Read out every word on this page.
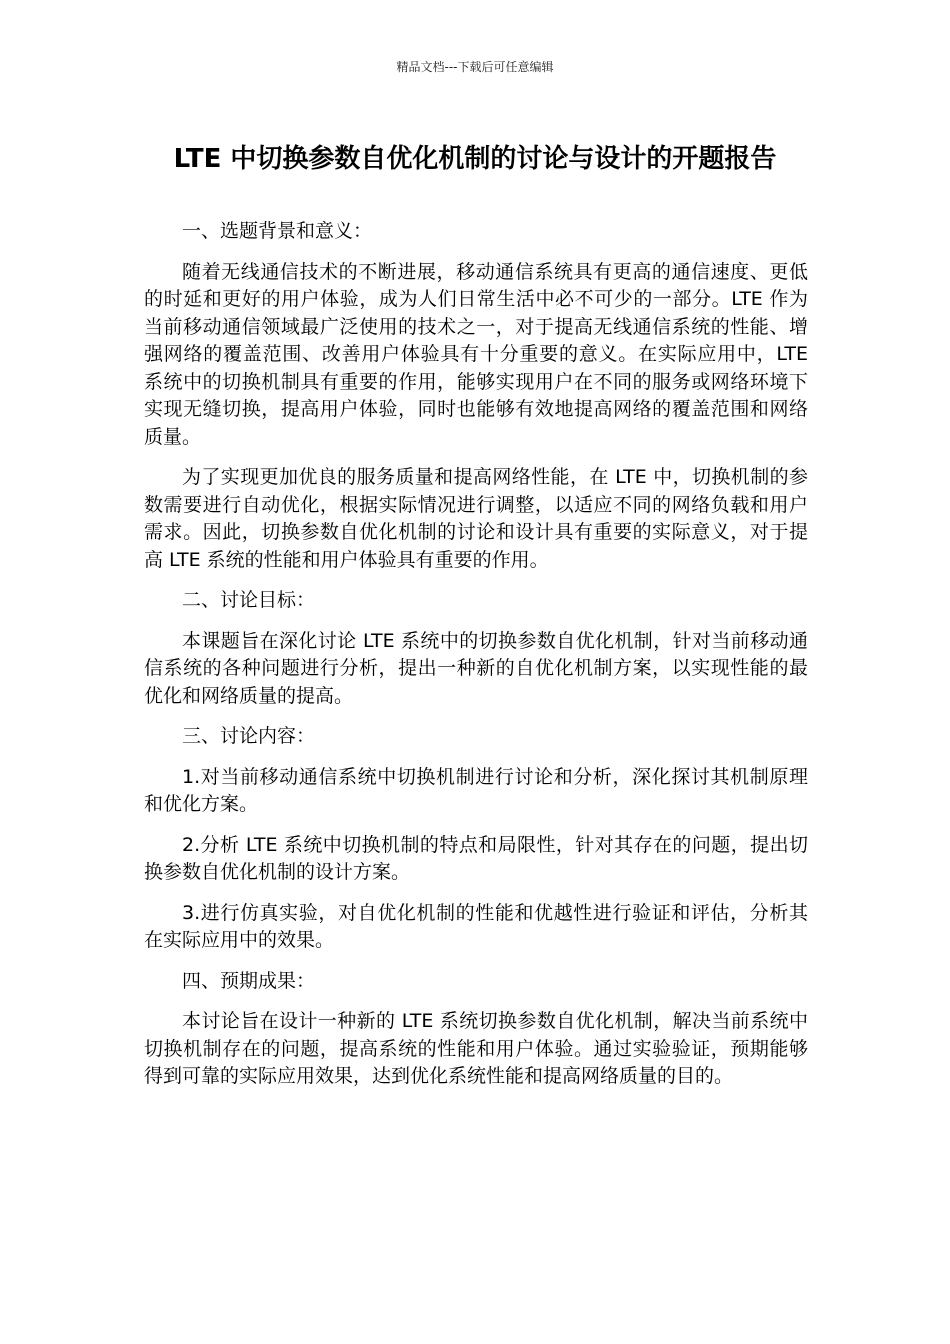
精品文档---下载后可任意编辑
LTE 中切换参数自优化机制的讨论与设计的开题报告

一、选题背景和意义：

随着无线通信技术的不断进展，移动通信系统具有更高的通信速度、更低的时延和更好的用户体验，成为人们日常生活中必不可少的一部分。LTE 作为当前移动通信领域最广泛使用的技术之一，对于提高无线通信系统的性能、增强网络的覆盖范围、改善用户体验具有十分重要的意义。在实际应用中，LTE 系统中的切换机制具有重要的作用，能够实现用户在不同的服务或网络环境下实现无缝切换，提高用户体验，同时也能够有效地提高网络的覆盖范围和网络质量。

为了实现更加优良的服务质量和提高网络性能，在 LTE 中，切换机制的参数需要进行自动优化，根据实际情况进行调整，以适应不同的网络负载和用户需求。因此，切换参数自优化机制的讨论和设计具有重要的实际意义，对于提高 LTE 系统的性能和用户体验具有重要的作用。

二、讨论目标：

本课题旨在深化讨论 LTE 系统中的切换参数自优化机制，针对当前移动通信系统的各种问题进行分析，提出一种新的自优化机制方案，以实现性能的最优化和网络质量的提高。

三、讨论内容：

1.对当前移动通信系统中切换机制进行讨论和分析，深化探讨其机制原理和优化方案。

2.分析 LTE 系统中切换机制的特点和局限性，针对其存在的问题，提出切换参数自优化机制的设计方案。

3.进行仿真实验，对自优化机制的性能和优越性进行验证和评估，分析其在实际应用中的效果。

四、预期成果：

本讨论旨在设计一种新的 LTE 系统切换参数自优化机制，解决当前系统中切换机制存在的问题，提高系统的性能和用户体验。通过实验验证，预期能够得到可靠的实际应用效果，达到优化系统性能和提高网络质量的目的。
